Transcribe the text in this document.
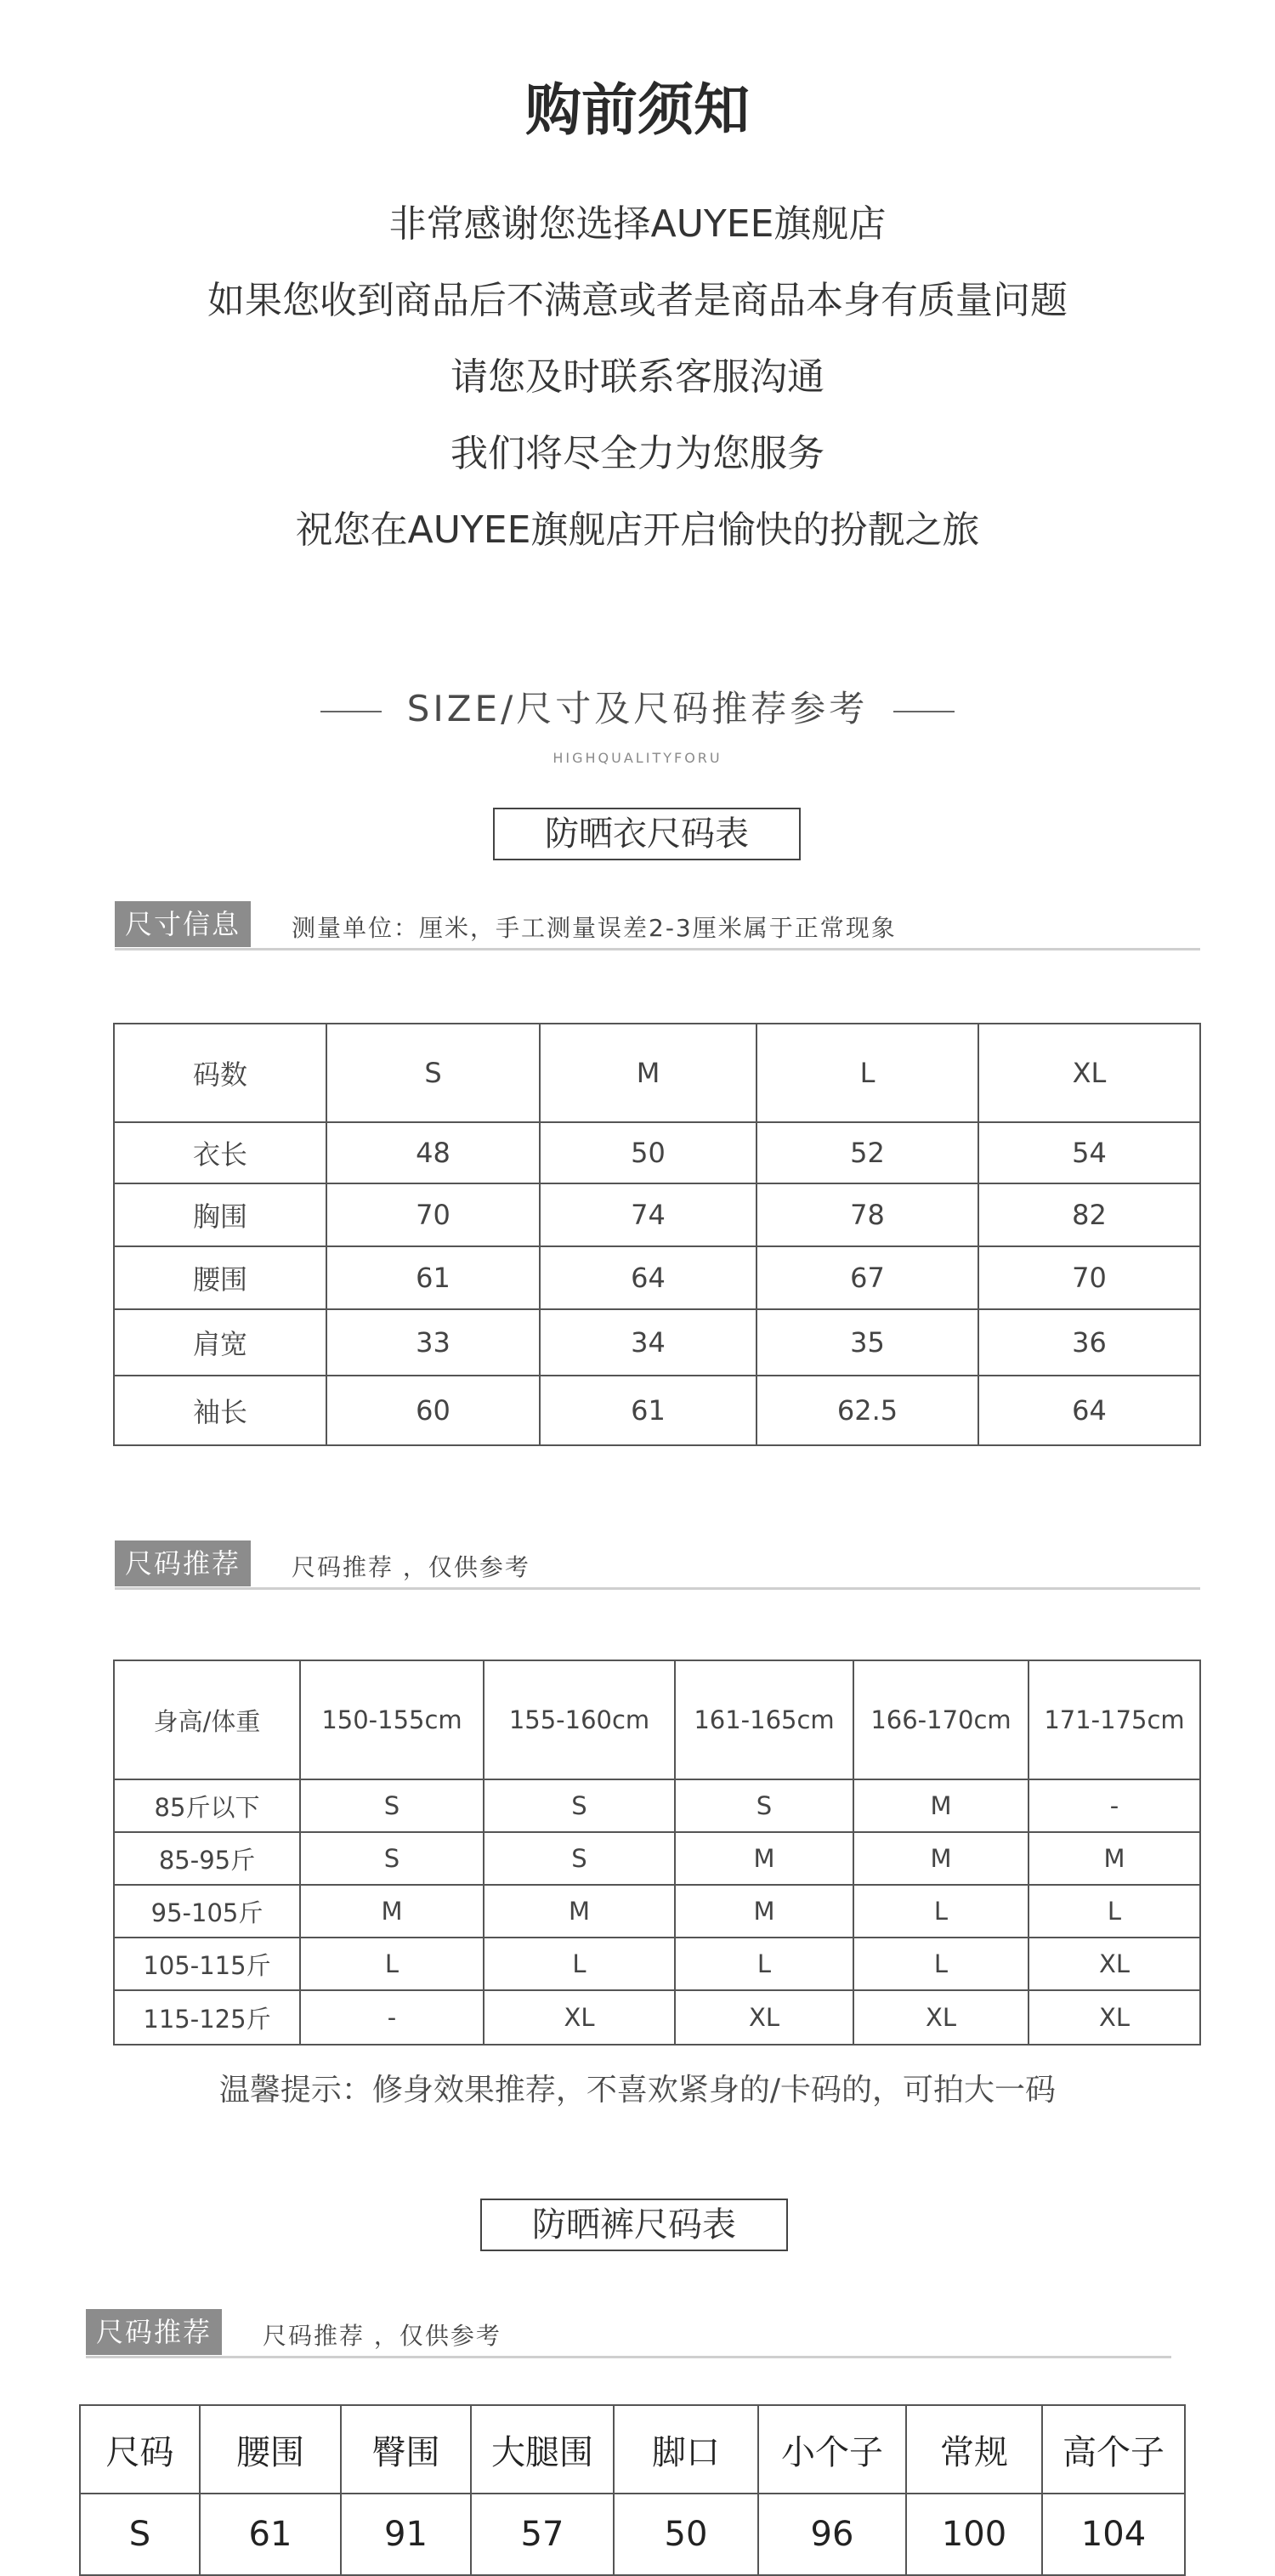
购前须知
非常感谢您选择AUYEE旗舰店
如果您收到商品后不满意或者是商品本身有质量问题
请您及时联系客服沟通
我们将尽全力为您服务
祝您在AUYEE旗舰店开启愉快的扮靓之旅
SIZE/尺寸及尺码推荐参考
HIGHQUALITYFORU
防晒衣尺码表
尺寸信息	测量单位：厘米，手工测量误差2-3厘米属于正常现象
码数	S	M	L	XL
衣长	48	50	52	54
胸围	70	74	78	82
腰围	61	64	67	70
肩宽	33	34	35	36
袖长	60	61	62.5	64
尺码推荐	尺码推荐 ，仅供参考
身高/体重	150-155cm	155-160cm	161-165cm	166-170cm	171-175cm
85斤以下	S	S	S	M	-
85-95斤	S	S	M	M	M
95-105斤	M	M	M	L	L
105-115斤	L	L	L	L	XL
115-125斤	-	XL	XL	XL	XL
温馨提示：修身效果推荐，不喜欢紧身的/卡码的，可拍大一码
防晒裤尺码表
尺码推荐	尺码推荐 ，仅供参考
尺码	腰围	臀围	大腿围	脚口	小个子	常规	高个子
S	61	91	57	50	96	100	104
